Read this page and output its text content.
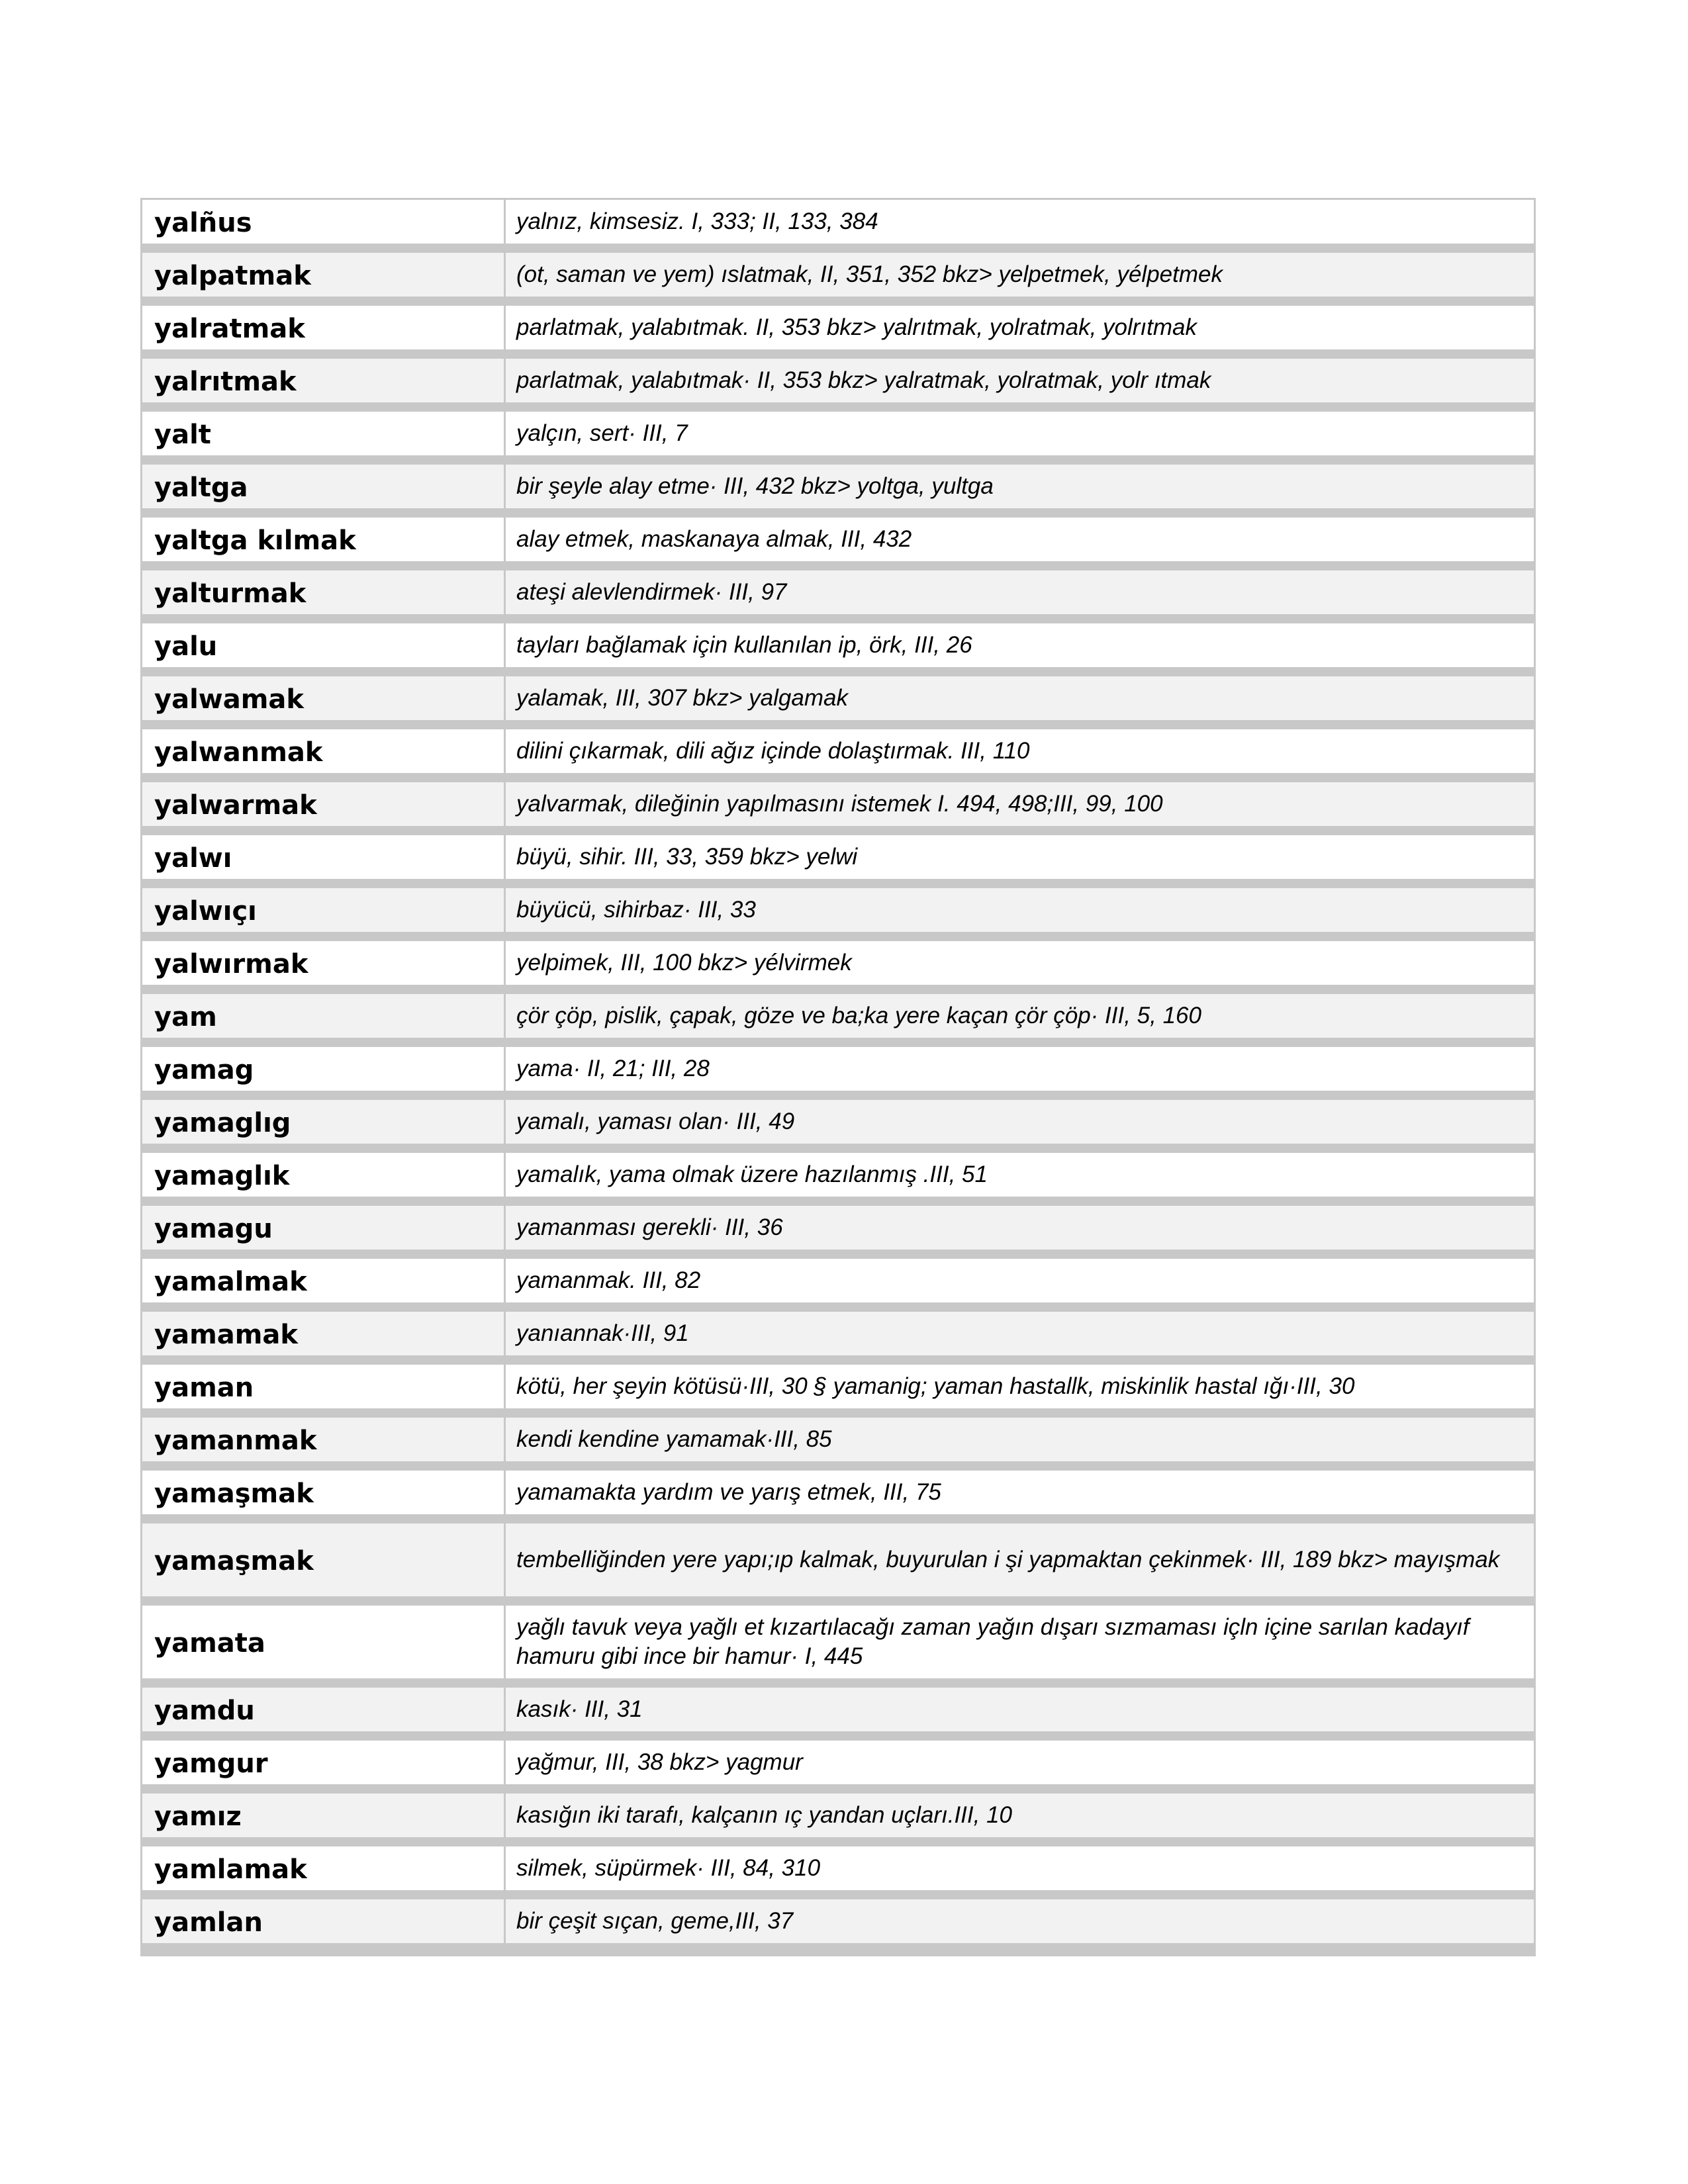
yalñus	yalnız, kimsesiz. I, 333; II, 133, 384
yalpatmak	(ot, saman ve yem) ıslatmak, II, 351, 352 bkz> yelpetmek, yélpetmek
yalratmak	parlatmak, yalabıtmak. II, 353 bkz> yalrıtmak, yolratmak, yolrıtmak
yalrıtmak	parlatmak, yalabıtmak· II, 353 bkz> yalratmak, yolratmak, yolr ıtmak
yalt	yalçın, sert· III, 7
yaltga	bir şeyle alay etme· III, 432 bkz> yoltga, yultga
yaltga kılmak	alay etmek, maskanaya almak, III, 432
yalturmak	ateşi alevlendirmek· III, 97
yalu	tayları bağlamak için kullanılan ip, örk, III, 26
yalwamak	yalamak, III, 307 bkz> yalgamak
yalwanmak	dilini çıkarmak, dili ağız içinde dolaştırmak. III, 110
yalwarmak	yalvarmak, dileğinin yapılmasını istemek I. 494, 498;III, 99, 100
yalwı	büyü, sihir. III, 33, 359 bkz> yelwi
yalwıçı	büyücü, sihirbaz· III, 33
yalwırmak	yelpimek, III, 100 bkz> yélvirmek
yam	çör çöp, pislik, çapak, göze ve ba;ka yere kaçan çör çöp· III, 5, 160
yamag	yama· II, 21; III, 28
yamaglıg	yamalı, yaması olan· III, 49
yamaglık	yamalık, yama olmak üzere hazılanmış .III, 51
yamagu	yamanması gerekli· III, 36
yamalmak	yamanmak. III, 82
yamamak	yanıannak·III, 91
yaman	kötü, her şeyin kötüsü·III, 30 § yamanig; yaman hastallk, miskinlik hastal ığı·III, 30
yamanmak	kendi kendine yamamak·III, 85
yamaşmak	yamamakta yardım ve yarış etmek, III, 75
yamaşmak	tembelliğinden yere yapı;ıp kalmak, buyurulan i şi yapmaktan çekinmek· III, 189 bkz> mayışmak
yamata	yağlı tavuk veya yağlı et kızartılacağı zaman yağın dışarı sızmaması içln içine sarılan kadayıf hamuru gibi ince bir hamur· I, 445
yamdu	kasık· III, 31
yamgur	yağmur, III, 38 bkz> yagmur
yamız	kasığın iki tarafı, kalçanın ıç yandan uçları.III, 10
yamlamak	silmek, süpürmek· III, 84, 310
yamlan	bir çeşit sıçan, geme,III, 37
